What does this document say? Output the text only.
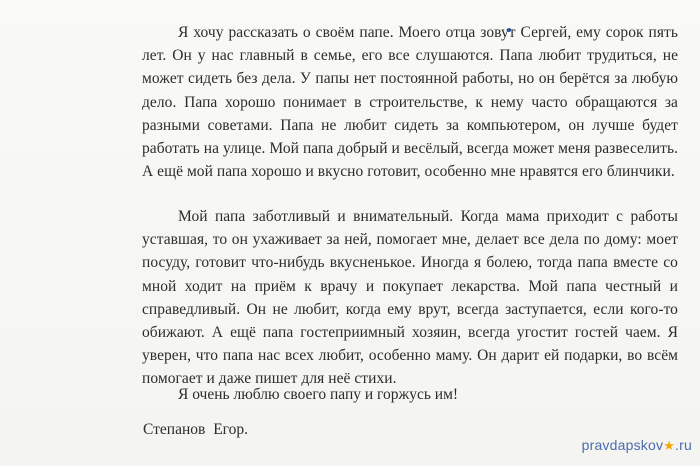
Я хочу рассказать о своём папе. Моего отца зовут Сергей, ему сорок пять лет. Он у нас главный в семье, его все слушаются. Папа любит трудиться, не может сидеть без дела. У папы нет постоянной работы, но он берётся за любую дело. Папа хорошо понимает в строительстве, к нему часто обращаются за разными советами. Папа не любит сидеть за компьютером, он лучше будет работать на улице. Мой папа добрый и весёлый, всегда может меня развеселить. А ещё мой папа хорошо и вкусно готовит, особенно мне нравятся его блинчики.

Мой папа заботливый и внимательный. Когда мама приходит с работы уставшая, то он ухаживает за ней, помогает мне, делает все дела по дому: моет посуду, готовит что-нибудь вкусненькое. Иногда я болею, тогда папа вместе со мной ходит на приём к врачу и покупает лекарства. Мой папа честный и справедливый. Он не любит, когда ему врут, всегда заступается, если кого-то обижают. А ещё папа гостеприимный хозяин, всегда угостит гостей чаем. Я уверен, что папа нас всех любит, особенно маму. Он дарит ей подарки, во всём помогает и даже пишет для неё стихи.

Я очень люблю своего папу и горжусь им!

Степанов Егор.

pravdapskov★.ru
